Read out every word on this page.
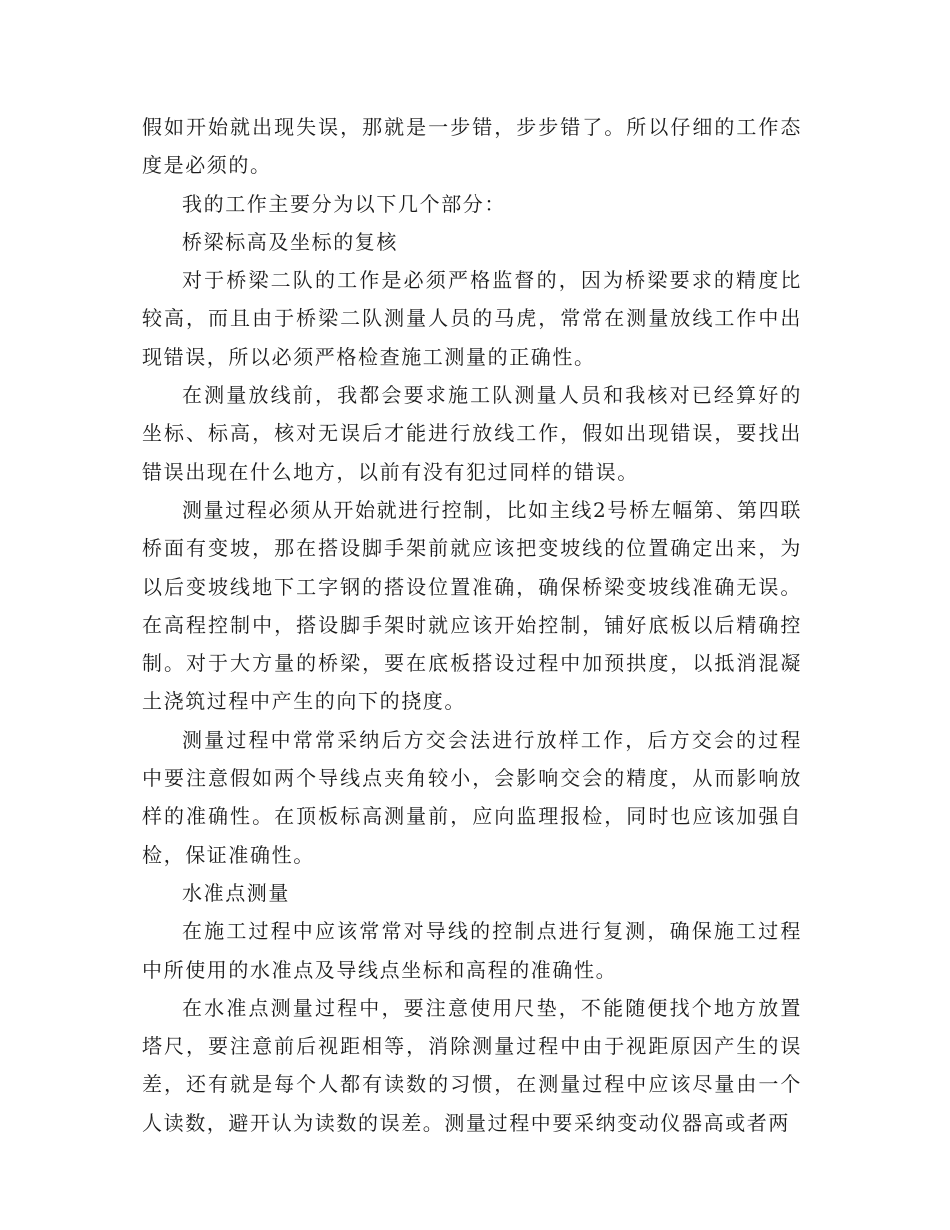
假如开始就出现失误，那就是一步错，步步错了。所以仔细的工作态度是必须的。

我的工作主要分为以下几个部分：

桥梁标高及坐标的复核

对于桥梁二队的工作是必须严格监督的，因为桥梁要求的精度比较高，而且由于桥梁二队测量人员的马虎，常常在测量放线工作中出现错误，所以必须严格检查施工测量的正确性。

在测量放线前，我都会要求施工队测量人员和我核对已经算好的坐标、标高，核对无误后才能进行放线工作，假如出现错误，要找出错误出现在什么地方，以前有没有犯过同样的错误。

测量过程必须从开始就进行控制，比如主线2号桥左幅第、第四联桥面有变坡，那在搭设脚手架前就应该把变坡线的位置确定出来，为以后变坡线地下工字钢的搭设位置准确，确保桥梁变坡线准确无误。在高程控制中，搭设脚手架时就应该开始控制，铺好底板以后精确控制。对于大方量的桥梁，要在底板搭设过程中加预拱度，以抵消混凝土浇筑过程中产生的向下的挠度。

测量过程中常常采纳后方交会法进行放样工作，后方交会的过程中要注意假如两个导线点夹角较小，会影响交会的精度，从而影响放样的准确性。在顶板标高测量前，应向监理报检，同时也应该加强自检，保证准确性。

水准点测量

在施工过程中应该常常对导线的控制点进行复测，确保施工过程中所使用的水准点及导线点坐标和高程的准确性。

在水准点测量过程中，要注意使用尺垫，不能随便找个地方放置塔尺，要注意前后视距相等，消除测量过程中由于视距原因产生的误差，还有就是每个人都有读数的习惯，在测量过程中应该尽量由一个人读数，避开认为读数的误差。测量过程中要采纳变动仪器高或者两
